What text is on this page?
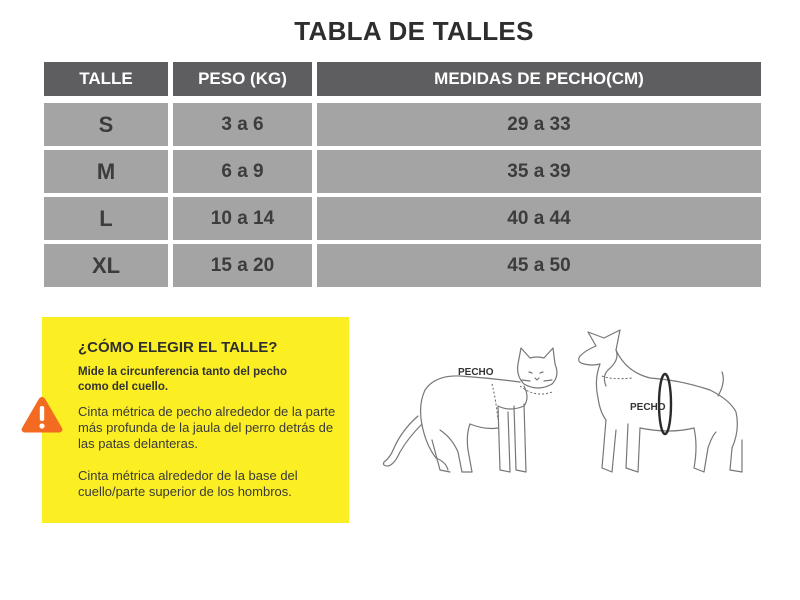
TABLA DE TALLES
TALLE	PESO (KG)	MEDIDAS DE PECHO(CM)
S	3 a 6	29 a 33
M	6 a 9	35 a 39
L	10 a 14	40 a 44
XL	15 a 20	45 a 50
¿CÓMO ELEGIR EL TALLE?
Mide la circunferencia tanto del pecho como del cuello.
Cinta métrica de pecho alrededor de la parte más profunda de la jaula del perro detrás de las patas delanteras.
Cinta métrica alrededor de la base del cuello/parte superior de los hombros.
PECHO
PECHO
